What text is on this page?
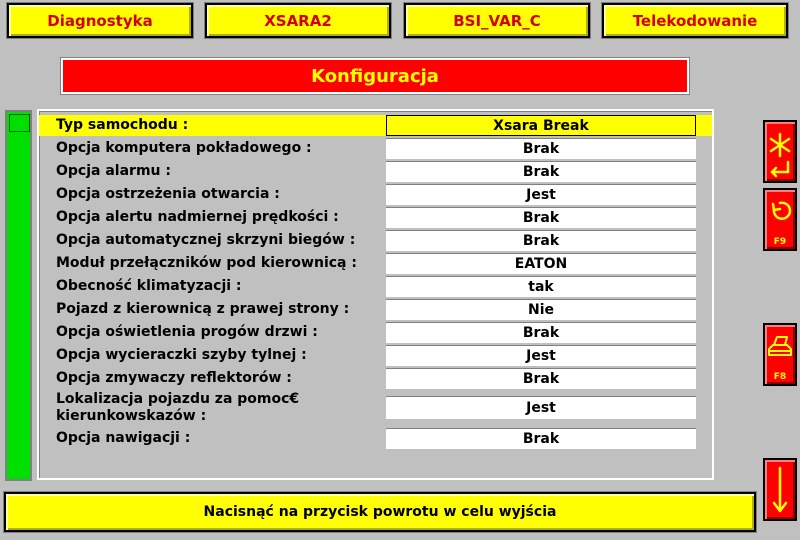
Diagnostyka	XSARA2	BSI_VAR_C	Telekodowanie
Konfiguracja
Typ samochodu :	Xsara Break
Opcja komputera pokładowego :	Brak
Opcja alarmu :	Brak
Opcja ostrzeżenia otwarcia :	Jest
Opcja alertu nadmiernej prędkości :	Brak
Opcja automatycznej skrzyni biegów :	Brak
Moduł przełączników pod kierownicą :	EATON
Obecność klimatyzacji :	tak
Pojazd z kierownicą z prawej strony :	Nie
Opcja oświetlenia progów drzwi :	Brak
Opcja wycieraczki szyby tylnej :	Jest
Opcja zmywaczy reflektorów :	Brak
Lokalizacja pojazdu za pomoc€
kierunkowskazów :	Jest
Opcja nawigacji :	Brak
F9
F8
Nacisnąć na przycisk powrotu w celu wyjścia
